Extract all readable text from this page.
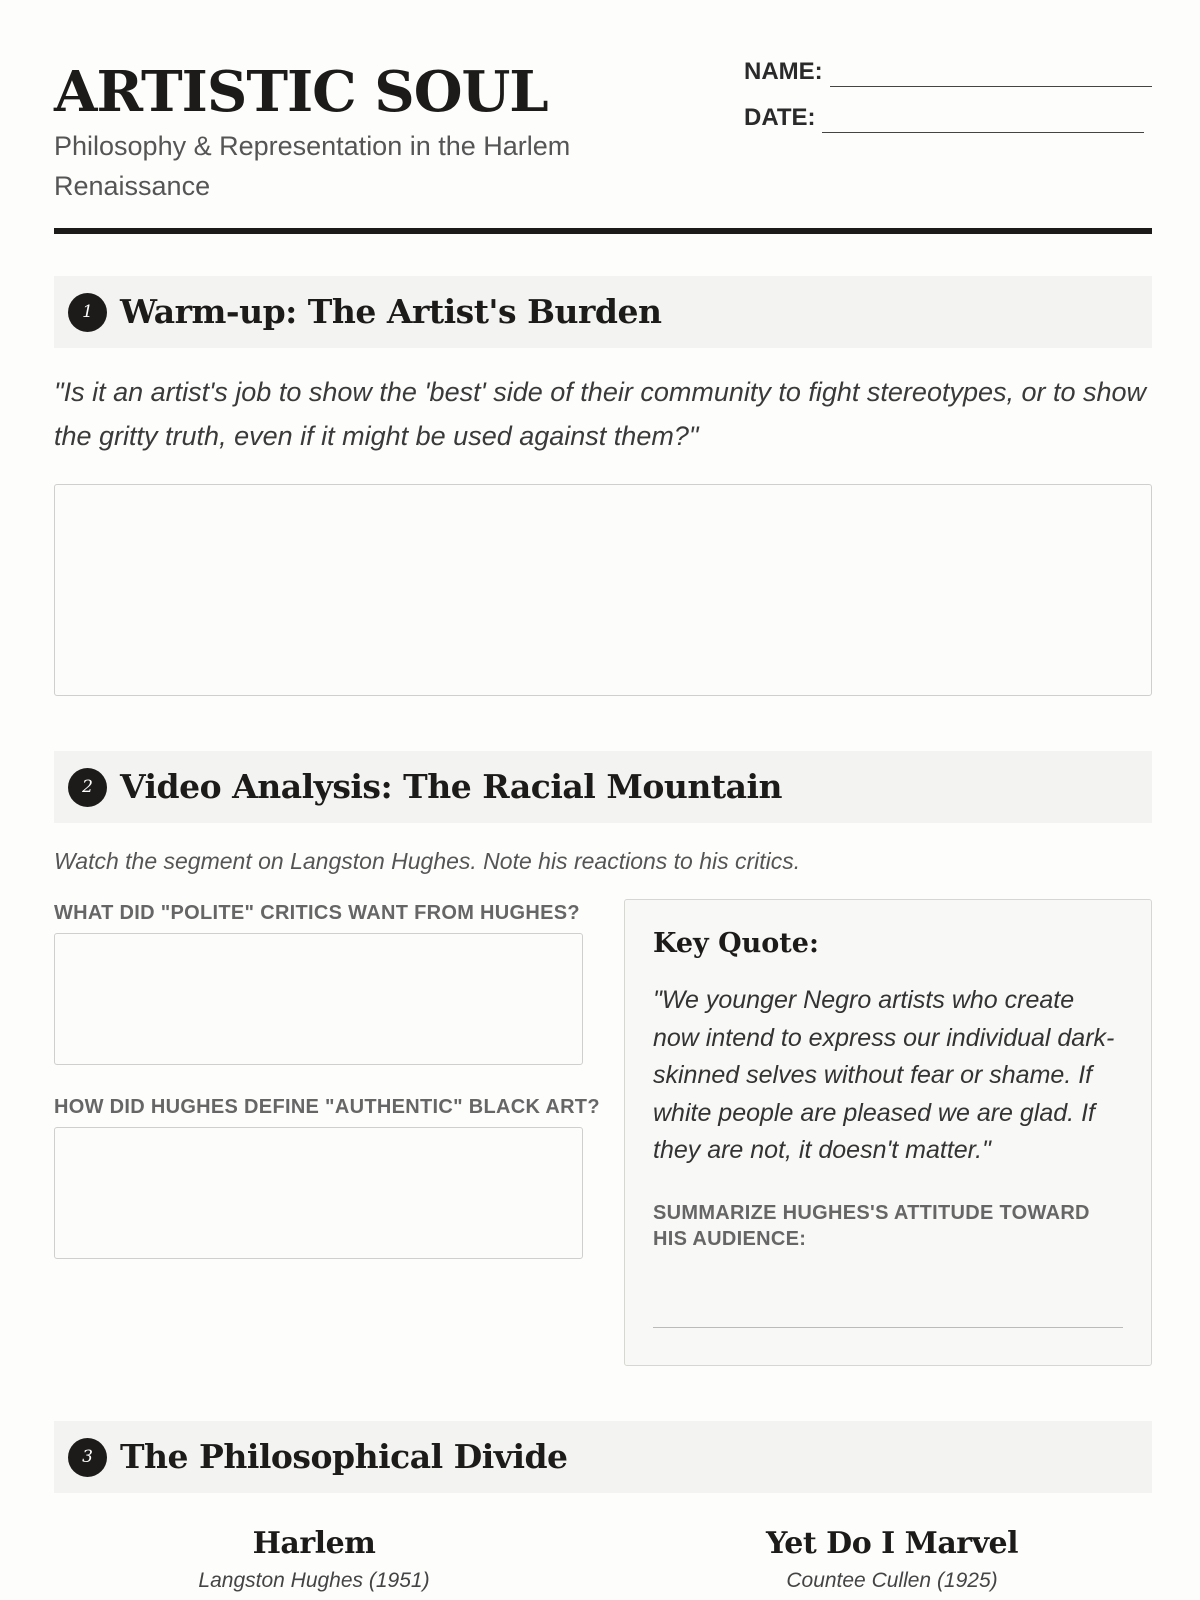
ARTISTIC SOUL
Philosophy & Representation in the Harlem Renaissance
NAME:
DATE:
1 Warm-up: The Artist's Burden
"Is it an artist's job to show the 'best' side of their community to fight stereotypes, or to show the gritty truth, even if it might be used against them?"
2 Video Analysis: The Racial Mountain
Watch the segment on Langston Hughes. Note his reactions to his critics.
WHAT DID "POLITE" CRITICS WANT FROM HUGHES?
HOW DID HUGHES DEFINE "AUTHENTIC" BLACK ART?
Key Quote:
"We younger Negro artists who create now intend to express our individual dark-skinned selves without fear or shame. If white people are pleased we are glad. If they are not, it doesn't matter."
SUMMARIZE HUGHES'S ATTITUDE TOWARD HIS AUDIENCE:
3 The Philosophical Divide
Harlem
Langston Hughes (1951)
Yet Do I Marvel
Countee Cullen (1925)
